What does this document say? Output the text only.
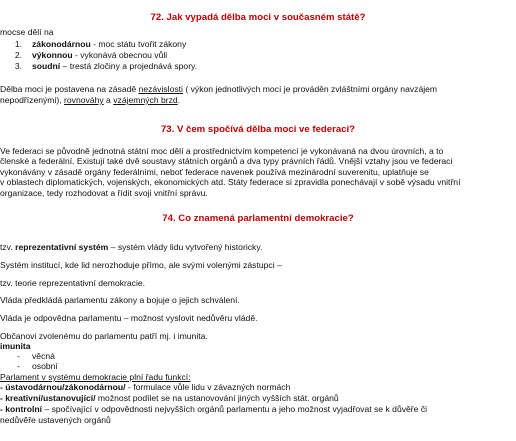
72. Jak vypadá dělba moci v současném státě?
mocse dělí na
1. zákonodárnou - moc státu tvořit zákony
2. výkonnou - vykonává obecnou vůli
3. soudní – trestá zločiny a projednává spory.
Dělba moci je postavena na zásadě nezávislosti ( výkon jednotlivých mocí je prováděn zvláštními orgány navzájem
nepodřízenými), rovnováhy a vzájemných brzd.
73. V čem spočívá dělba moci ve federaci?
Ve federaci se původně jednotná státní moc dělí a prostřednictvím kompetencí je vykonávaná na dvou úrovních, a to
členské a federální. Existují také dvě soustavy státních orgánů a dva typy právních řádů. Vnější vztahy jsou ve federaci
vykonávány v zásadě orgány federálními, neboť federace navenek používá mezinárodní suverenitu, uplatňuje se
v oblastech diplomatických, vojenských, ekonomických atd. Státy federace si zpravidla ponechávají v sobě výsadu vnitřní
organizace, tedy rozhodovat a řídit svoji vnitřní správu.
74. Co znamená parlamentní demokracie?
tzv. reprezentativní systém – systém vlády lidu vytvořený historicky.
Systém institucí, kde lid nerozhoduje přímo, ale svými volenými zástupci –
tzv. teorie reprezentativní demokracie.
Vláda předkládá parlamentu zákony a bojuje o jejich schválení.
Vláda je odpovědna parlamentu – možnost vyslovit nedůvěru vládě.
Občanovi zvolenému do parlamentu patří mj. i imunita.
imunita
- věcná
- osobní
Parlament v systému demokracie plní řadu funkcí:
- ústavodárnou/zákonodárnou/ - formulace vůle lidu v závazných normách
- kreativní/ustanovující/ možnost podílet se na ustanovování jiných vyšších stát. orgánů
- kontrolní – spočívající v odpovědnosti nejvyšších orgánů parlamentu a jeho možnost vyjadřovat se k důvěře či
nedůvěře ustavených orgánů
